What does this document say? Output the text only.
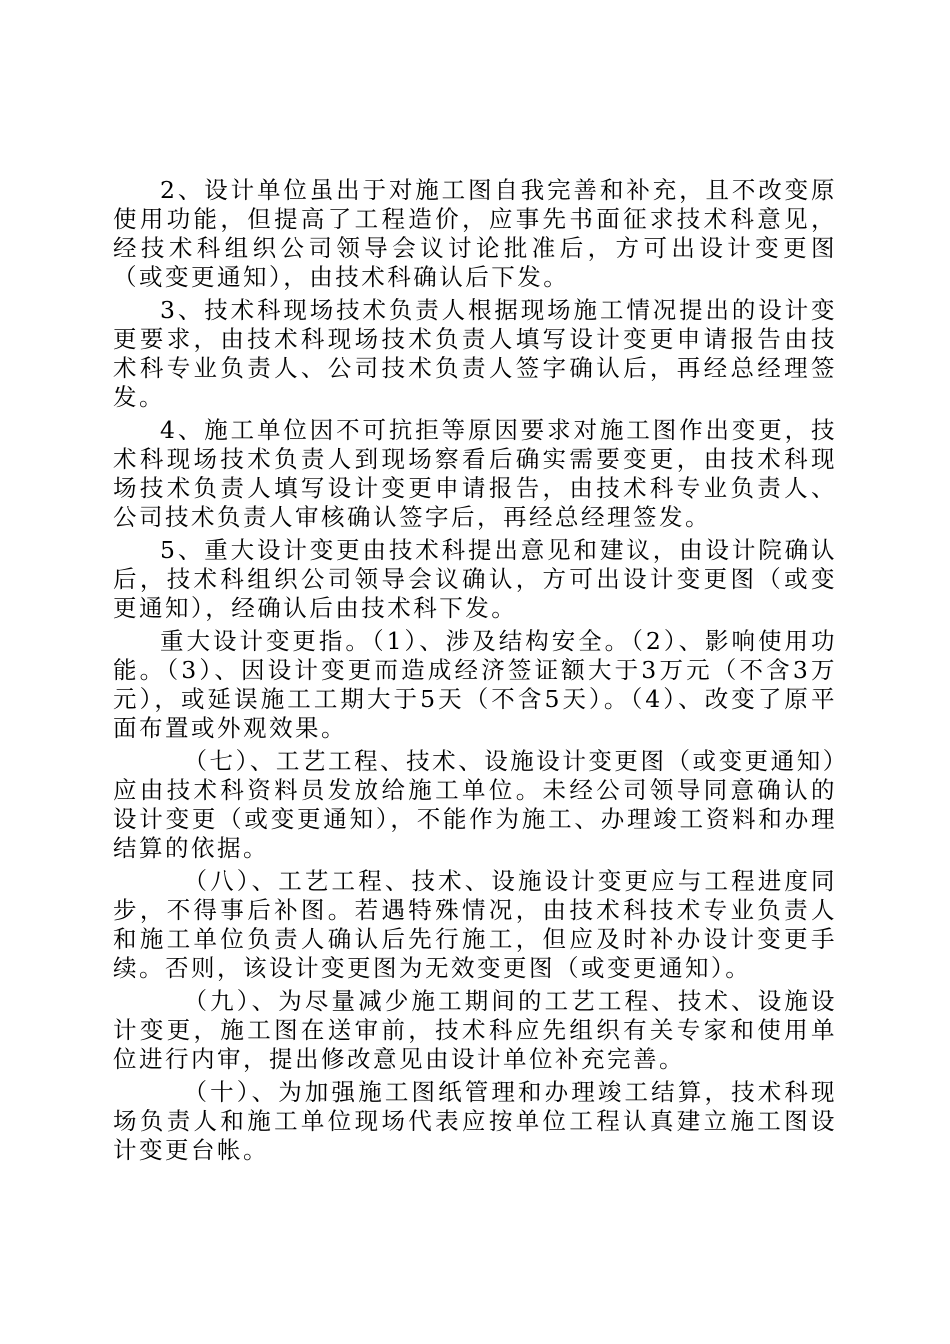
2、设计单位虽出于对施工图自我完善和补充，且不改变原使用功能，但提高了工程造价，应事先书面征求技术科意见，经技术科组织公司领导会议讨论批准后，方可出设计变更图（或变更通知），由技术科确认后下发。

3、技术科现场技术负责人根据现场施工情况提出的设计变更要求，由技术科现场技术负责人填写设计变更申请报告由技术科专业负责人、公司技术负责人签字确认后，再经总经理签发。

4、施工单位因不可抗拒等原因要求对施工图作出变更，技术科现场技术负责人到现场察看后确实需要变更，由技术科现场技术负责人填写设计变更申请报告，由技术科专业负责人、公司技术负责人审核确认签字后，再经总经理签发。

5、重大设计变更由技术科提出意见和建议，由设计院确认后，技术科组织公司领导会议确认，方可出设计变更图（或变更通知），经确认后由技术科下发。

重大设计变更指。（1）、涉及结构安全。（2）、影响使用功能。（3）、因设计变更而造成经济签证额大于3万元（不含3万元），或延误施工工期大于5天（不含5天）。（4）、改变了原平面布置或外观效果。

（七）、工艺工程、技术、设施设计变更图（或变更通知）应由技术科资料员发放给施工单位。未经公司领导同意确认的设计变更（或变更通知），不能作为施工、办理竣工资料和办理结算的依据。

（八）、工艺工程、技术、设施设计变更应与工程进度同步，不得事后补图。若遇特殊情况，由技术科技术专业负责人和施工单位负责人确认后先行施工，但应及时补办设计变更手续。否则，该设计变更图为无效变更图（或变更通知）。

（九）、为尽量减少施工期间的工艺工程、技术、设施设计变更，施工图在送审前，技术科应先组织有关专家和使用单位进行内审，提出修改意见由设计单位补充完善。

（十）、为加强施工图纸管理和办理竣工结算，技术科现场负责人和施工单位现场代表应按单位工程认真建立施工图设计变更台帐。
